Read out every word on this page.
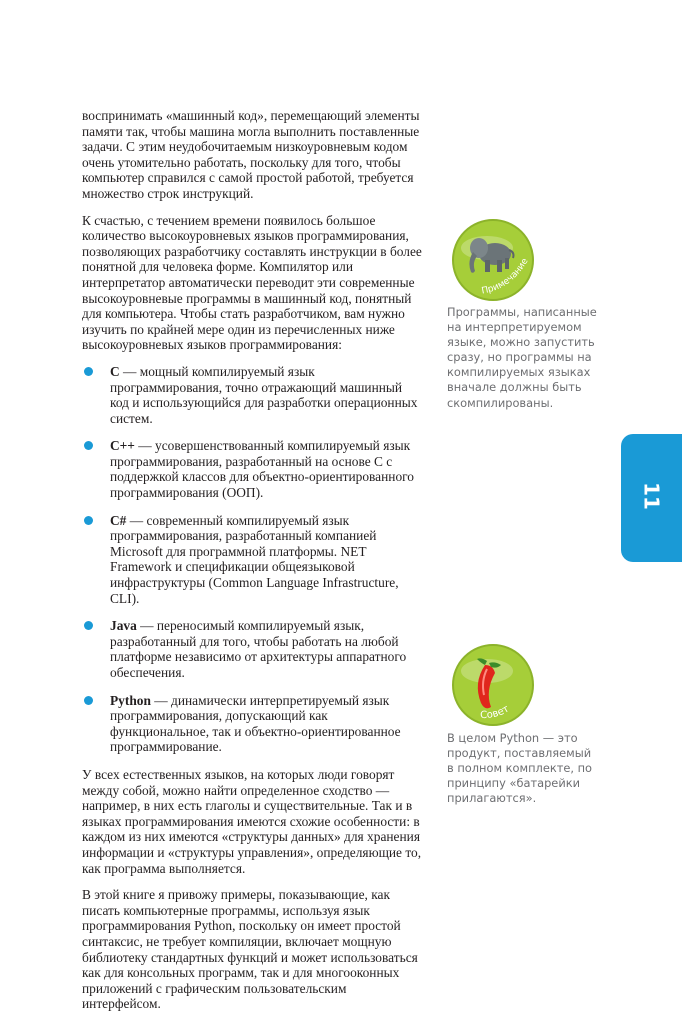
воспринимать «машинный код», перемещающий элементы памяти так, чтобы машина могла выполнить поставленные задачи. С этим неудобочитаемым низкоуровневым кодом очень утомительно работать, поскольку для того, чтобы компьютер справился с самой простой работой, требуется множество строк инструкций.

К счастью, с течением времени появилось большое количество высокоуровневых языков программирования, позволяющих разработчику составлять инструкции в более понятной для человека форме. Компилятор или интерпретатор автоматически переводит эти современные высокоуровневые программы в машинный код, понятный для компьютера. Чтобы стать разработчиком, вам нужно изучить по крайней мере один из перечисленных ниже высокоуровневых языков программирования:

C — мощный компилируемый язык программирования, точно отражающий машинный код и использующийся для разработки операционных систем.
C++ — усовершенствованный компилируемый язык программирования, разработанный на основе C с поддержкой классов для объектно-ориентированного программирования (ООП).
C# — современный компилируемый язык программирования, разработанный компанией Microsoft для программной платформы. NET Framework и спецификации общеязыковой инфраструктуры (Common Language Infrastructure, CLI).
Java — переносимый компилируемый язык, разработанный для того, чтобы работать на любой платформе независимо от архитектуры аппаратного обеспечения.
Python — динамически интерпретируемый язык программирования, допускающий как функциональное, так и объектно-ориентированное программирование.

У всех естественных языков, на которых люди говорят между собой, можно найти определенное сходство — например, в них есть глаголы и существительные. Так и в языках программирования имеются схожие особенности: в каждом из них имеются «структуры данных» для хранения информации и «структуры управления», определяющие то, как программа выполняется.

В этой книге я привожу примеры, показывающие, как писать компьютерные программы, используя язык программирования Python, поскольку он имеет простой синтаксис, не требует компиляции, включает мощную библиотеку стандартных функций и может использоваться как для консольных программ, так и для многооконных приложений с графическим пользовательским интерфейсом.

Примечание

Программы, написанные на интерпретируемом языке, можно запустить сразу, но программы на компилируемых языках вначале должны быть скомпилированы.

Совет

В целом Python — это продукт, поставляемый в полном комплекте, по принципу «батарейки прилагаются».

11
